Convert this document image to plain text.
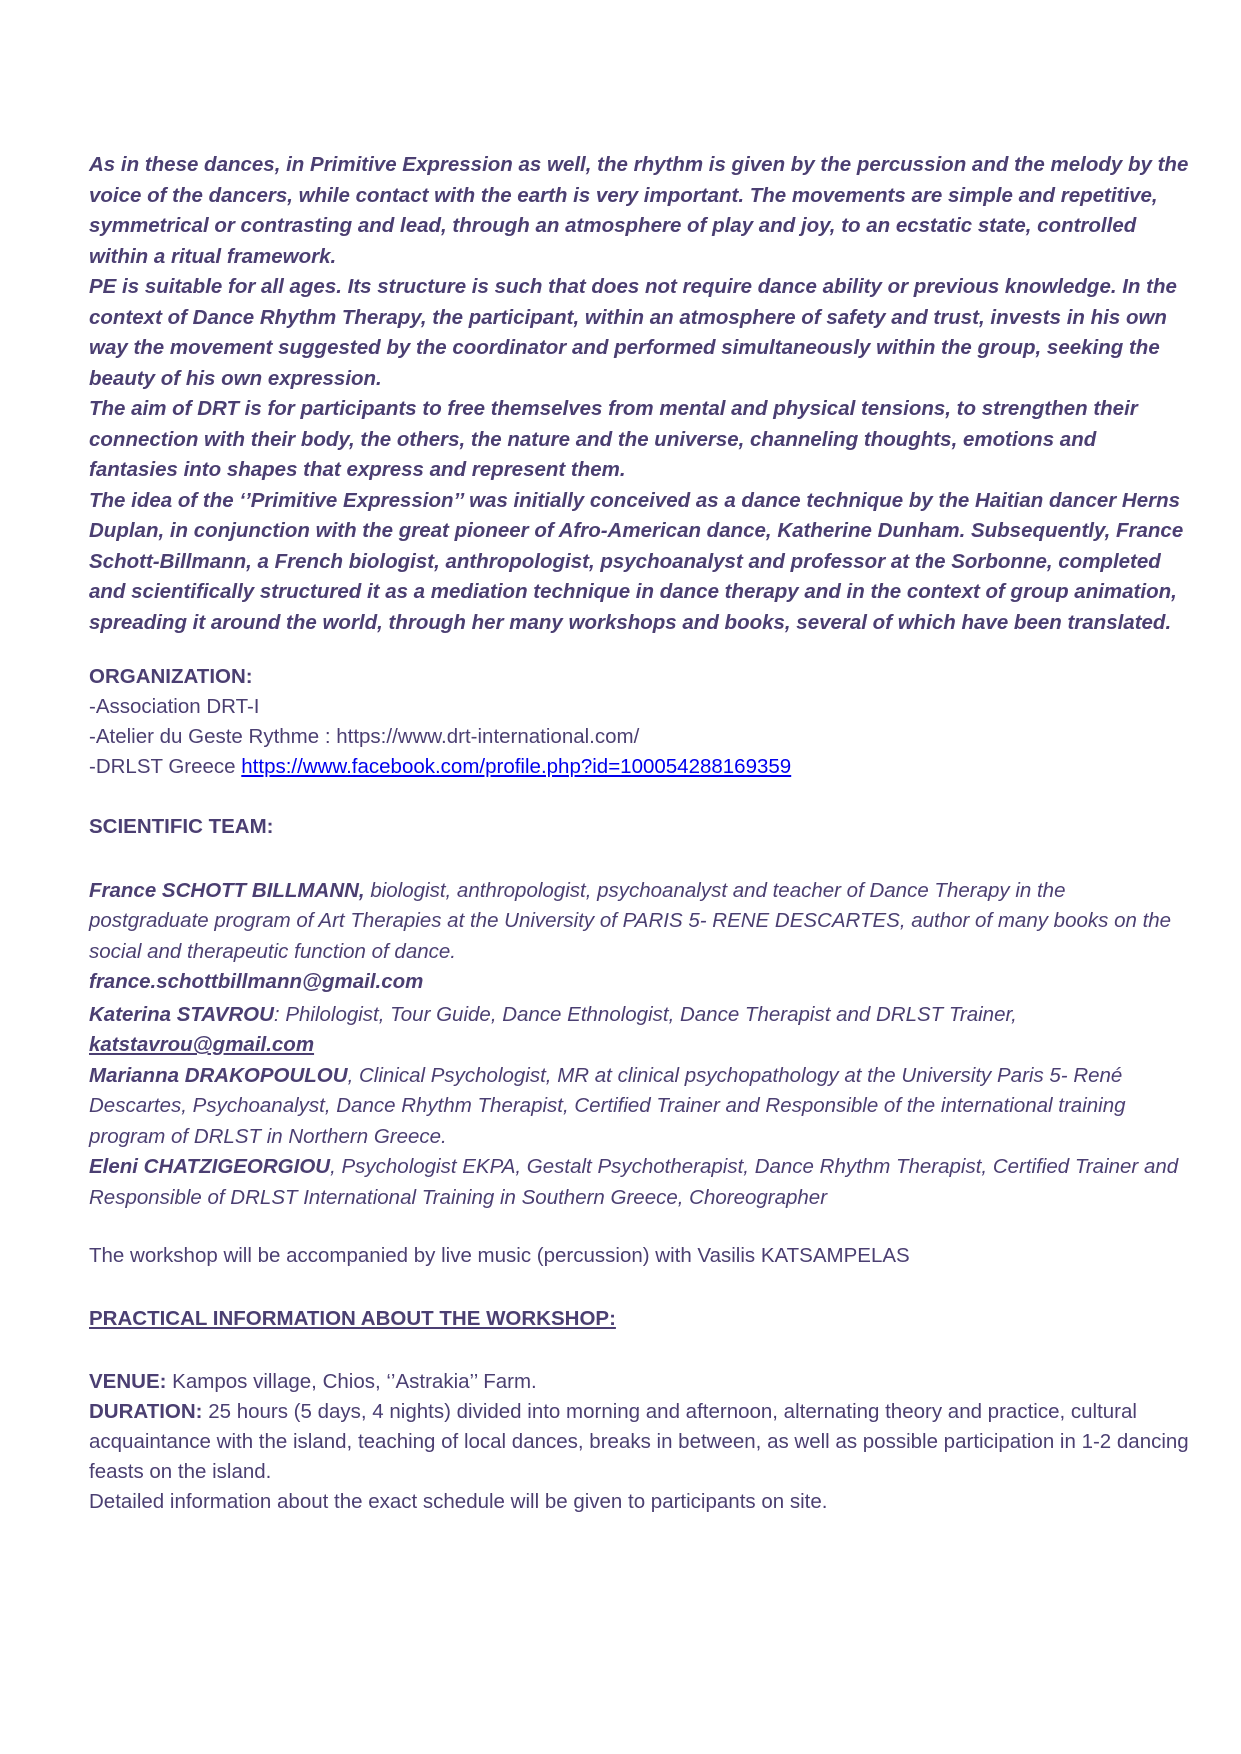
As in these dances, in Primitive Expression as well, the rhythm is given by the percussion and the melody by the voice of the dancers, while contact with the earth is very important. The movements are simple and repetitive, symmetrical or contrasting and lead, through an atmosphere of play and joy, to an ecstatic state, controlled within a ritual framework.

PE is suitable for all ages. Its structure is such that does not require dance ability or previous knowledge. In the context of Dance Rhythm Therapy, the participant, within an atmosphere of safety and trust, invests in his own way the movement suggested by the coordinator and performed simultaneously within the group, seeking the beauty of his own expression.

The aim of DRT is for participants to free themselves from mental and physical tensions, to strengthen their connection with their body, the others, the nature and the universe, channeling thoughts, emotions and fantasies into shapes that express and represent them.

The idea of the ‘’Primitive Expression’’ was initially conceived as a dance technique by the Haitian dancer Herns Duplan, in conjunction with the great pioneer of Afro-American dance, Katherine Dunham. Subsequently, France Schott-Billmann, a French biologist, anthropologist, psychoanalyst and professor at the Sorbonne, completed and scientifically structured it as a mediation technique in dance therapy and in the context of group animation, spreading it around the world, through her many workshops and books, several of which have been translated.

ORGANIZATION:

-Association DRT-I

-Atelier du Geste Rythme : https://www.drt-international.com/

-DRLST Greece https://www.facebook.com/profile.php?id=100054288169359

SCIENTIFIC TEAM:

France SCHOTT BILLMANN, biologist, anthropologist, psychoanalyst and teacher of Dance Therapy in the postgraduate program of Art Therapies at the University of PARIS 5- RENE DESCARTES, author of many books on the social and therapeutic function of dance.

france.schottbillmann@gmail.com

Katerina STAVROU: Philologist, Tour Guide, Dance Ethnologist, Dance Therapist and DRLST Trainer,

katstavrou@gmail.com

Marianna DRAKOPOULOU, Clinical Psychologist, MR at clinical psychopathology at the University Paris 5- René Descartes, Psychoanalyst, Dance Rhythm Therapist, Certified Trainer and Responsible of the international training program of DRLST in Northern Greece.

Eleni CHATZIGEORGIOU, Psychologist EKPA, Gestalt Psychotherapist, Dance Rhythm Therapist, Certified Trainer and Responsible of DRLST International Training in Southern Greece, Choreographer

The workshop will be accompanied by live music (percussion) with Vasilis KATSAMPELAS

PRACTICAL INFORMATION ABOUT THE WORKSHOP:

VENUE: Kampos village, Chios, ‘’Astrakia’’ Farm.

DURATION: 25 hours (5 days, 4 nights) divided into morning and afternoon, alternating theory and practice, cultural acquaintance with the island, teaching of local dances, breaks in between, as well as possible participation in 1-2 dancing feasts on the island.

Detailed information about the exact schedule will be given to participants on site.
